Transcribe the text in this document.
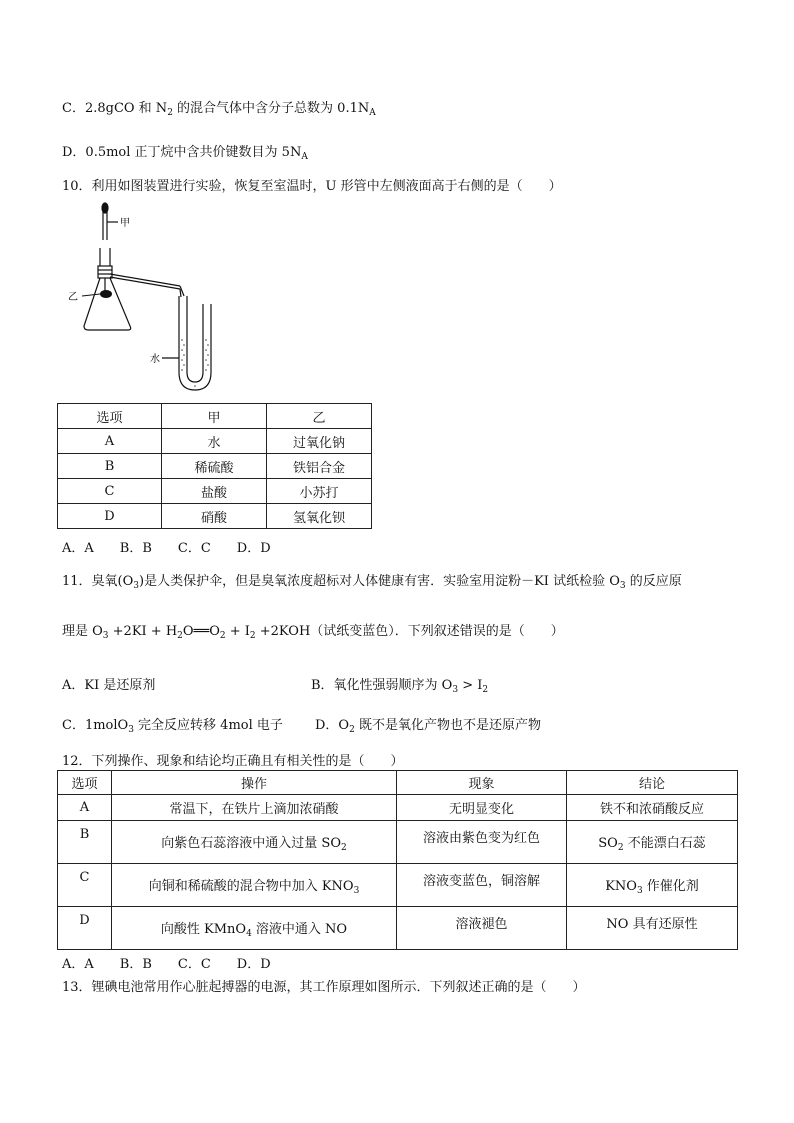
C．2.8gCO 和 $N_2$ 的混合气体中含分子总数为 $0.1N_A$
D．0.5mol 正丁烷中含共价键数目为 $5N_A$
10．利用如图装置进行实验，恢复至室温时，U 形管中左侧液面高于右侧的是（　　）
甲
乙
水
选项	甲	乙
A	水	过氧化钠
B	稀硫酸	铁铝合金
C	盐酸	小苏打
D	硝酸	氢氧化钡
A．A　　B．B　　C．C　　D．D
11．臭氧$(O_3)$是人类保护伞，但是臭氧浓度超标对人体健康有害．实验室用淀粉－KI 试纸检验 $O_3$ 的反应原
理是 $O_3 +2KI$ + $H_2O══O_2 + I_2 +2KOH$（试纸变蓝色）．下列叙述错误的是（　　）
A．KI 是还原剂	B．氧化性强弱顺序为 $O_3 > I_2$
C．1molO$_3$ 完全反应转移 4mol 电子 D．$O_2$ 既不是氧化产物也不是还原产物
12．下列操作、现象和结论均正确且有相关性的是（　　）
选项	操作	现象	结论
A	常温下，在铁片上滴加浓硝酸	无明显变化	铁不和浓硝酸反应
B	向紫色石蕊溶液中通入过量 $SO_2$	溶液由紫色变为红色	$SO_2$ 不能漂白石蕊
C	向铜和稀硫酸的混合物中加入 $KNO_3$	溶液变蓝色，铜溶解	$KNO_3$ 作催化剂
D	向酸性 KMnO$_4$ 溶液中通入 NO	溶液褪色	NO 具有还原性
A．A　　B．B　　C．C　　D．D
13．锂碘电池常用作心脏起搏器的电源，其工作原理如图所示．下列叙述正确的是（　　）
